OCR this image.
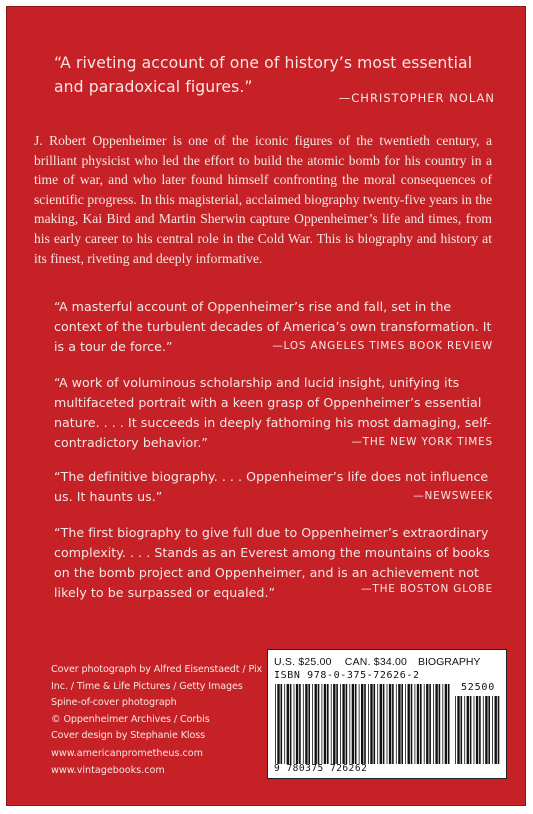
“A riveting account of one of history’s most essential and paradoxical figures.”
—CHRISTOPHER NOLAN
J. Robert Oppenheimer is one of the iconic figures of the twentieth century, a brilliant physicist who led the effort to build the atomic bomb for his country in a time of war, and who later found himself confronting the moral consequences of scientific progress. In this magisterial, acclaimed biography twenty-five years in the making, Kai Bird and Martin Sherwin capture Oppenheimer’s life and times, from his early career to his central role in the Cold War. This is biography and history at its finest, riveting and deeply informative.
“A masterful account of Oppenheimer’s rise and fall, set in the context of the turbulent decades of America’s own transformation. It is a tour de force.”	—LOS ANGELES TIMES BOOK REVIEW
“A work of voluminous scholarship and lucid insight, unifying its multifaceted portrait with a keen grasp of Oppenheimer’s essential nature. . . . It succeeds in deeply fathoming his most damaging, self-contradictory behavior.”	—THE NEW YORK TIMES
“The definitive biography. . . . Oppenheimer’s life does not influence us. It haunts us.”	—NEWSWEEK
“The first biography to give full due to Oppenheimer’s extraordinary complexity. . . . Stands as an Everest among the mountains of books on the bomb project and Oppenheimer, and is an achievement not likely to be surpassed or equaled.”	—THE BOSTON GLOBE
Cover photograph by Alfred Eisenstaedt / Pix
Inc. / Time & Life Pictures / Getty Images
Spine-of-cover photograph
© Oppenheimer Archives / Corbis
Cover design by Stephanie Kloss
www.americanprometheus.com
www.vintagebooks.com
U.S. $25.00 CAN. $34.00	BIOGRAPHY
ISBN 978-0-375-72626-2
52500
9 780375 726262
